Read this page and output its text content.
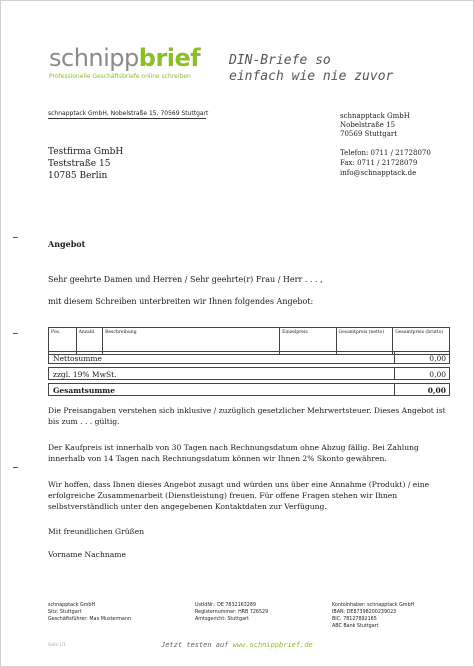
schnippbrief
Professionelle Geschäftsbriefe online schreiben
DIN-Briefe so
einfach wie nie zuvor
schnapptack GmbH, Nobelstraße 15, 70569 Stuttgart
Testfirma GmbH
Teststraße 15
10785 Berlin
schnapptack GmbH
Nobelstraße 15
70569 Stuttgart
Telefon: 0711 / 21728070
Fax: 0711 / 21728079
info@schnapptack.de
Angebot
Sehr geehrte Damen und Herren / Sehr geehrte(r) Frau / Herr . . . ,
mit diesem Schreiben unterbreiten wir Ihnen folgendes Angebot:
Pos.	Anzahl	Beschreibung	Einzelpreis	Gesamtpreis (netto)	Gesamtpreis (brutto)
Nettosumme	0,00
zzgl. 19% MwSt.	0,00
Gesamtsumme	0,00
Die Preisangaben verstehen sich inklusive / zuzüglich gesetzlicher Mehrwertsteuer. Dieses Angebot ist bis zum . . . gültig.
Der Kaufpreis ist innerhalb von 30 Tagen nach Rechnungsdatum ohne Abzug fällig. Bei Zahlung innerhalb von 14 Tagen nach Rechnungsdatum können wir Ihnen 2% Skonto gewähren.
Wir hoffen, dass Ihnen dieses Angebot zusagt und würden uns über eine Annahme (Produkt) / eine erfolgreiche Zusammenarbeit (Dienstleistung) freuen. Für offene Fragen stehen wir Ihnen selbstverständlich unter den angegebenen Kontaktdaten zur Verfügung.
Mit freundlichen Grüßen
Vorname Nachname
schnapptack GmbH
Sitz: Stuttgart
Geschäftsführer: Max Mustermann
UstIdNr.: DE 7832163289
Registernummer: HRB 726529
Amtsgericht: Stuttgart
Kontoinhaber: schnapptack GmbH
IBAN: DE87398200239023
BIC: 78127892165
ABC Bank Stuttgart
Seite 1/1	Jetzt testen auf www.schnippbrief.de
